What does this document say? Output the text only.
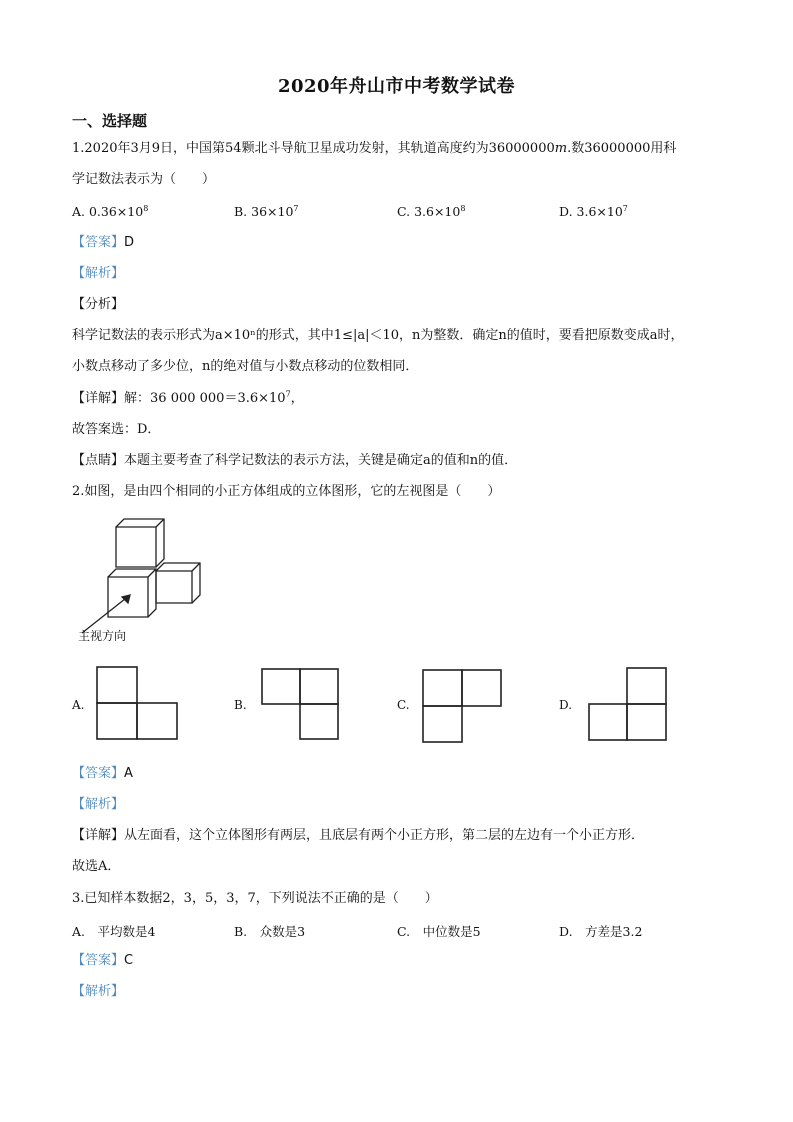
2020年舟山市中考数学试卷
一、选择题
1.2020年3月9日，中国第54颗北斗导航卫星成功发射，其轨道高度约为36000000m.数36000000用科
学记数法表示为（　　）
A. $0.36\times 10^8$	B. $36\times 10^7$	C. $3.6\times 10^8$	D. $3.6\times 10^7$
【答案】D
【解析】
【分析】
科学记数法的表示形式为a×10ⁿ的形式，其中1≤|a|＜10，n为整数．确定n的值时，要看把原数变成a时，
小数点移动了多少位，n的绝对值与小数点移动的位数相同．
【详解】解：36 000 $000=3.6\times 10^7$，
故答案选：D．
【点睛】本题主要考查了科学记数法的表示方法，关键是确定a的值和n的值．
2.如图，是由四个相同的小正方体组成的立体图形，它的左视图是（　　）
主视方向
A.	B.	C.	D.
【答案】A
【解析】
【详解】从左面看，这个立体图形有两层，且底层有两个小正方形，第二层的左边有一个小正方形．
故选A．
3.已知样本数据2，3，5，3，7，下列说法不正确的是（　　）
A.　平均数是4	B.　众数是3	C.　中位数是5	D.　方差是3.2
【答案】C
【解析】
